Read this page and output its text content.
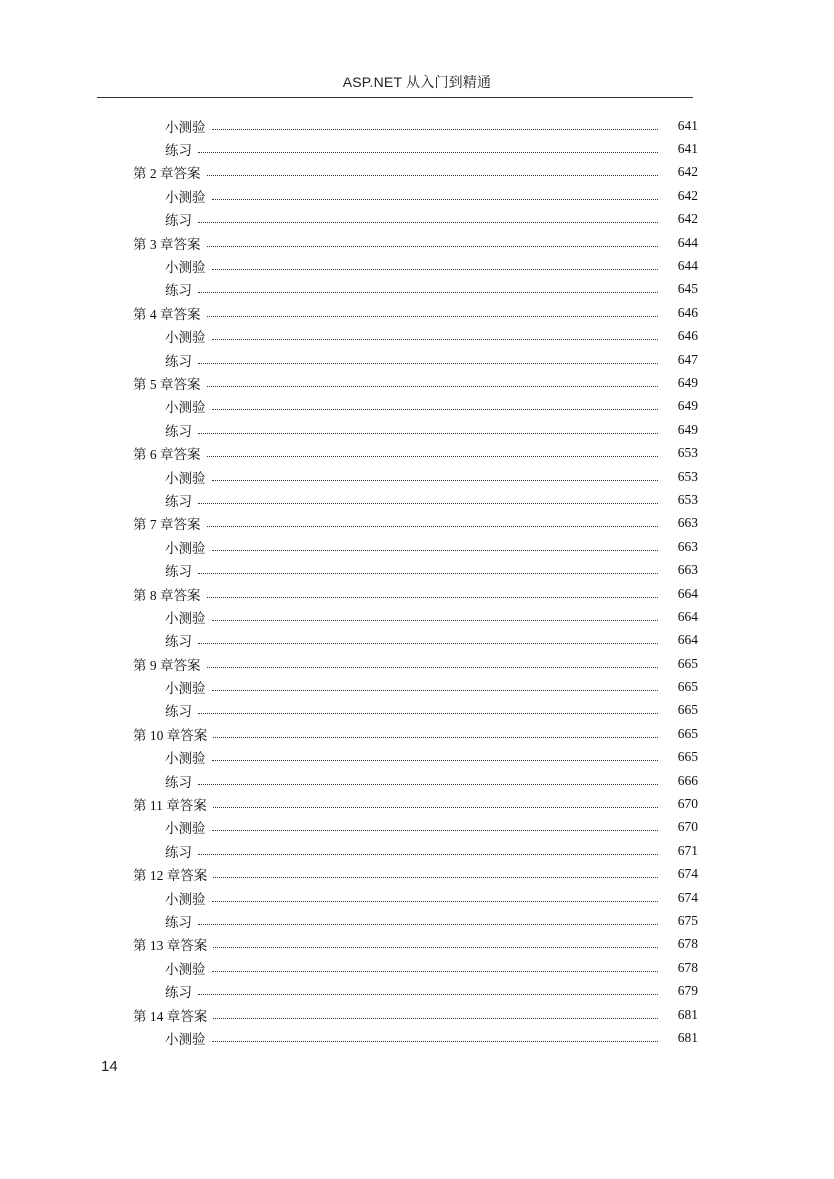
ASP.NET 从入门到精通
小测验	641
练习	641
第 2 章答案	642
小测验	642
练习	642
第 3 章答案	644
小测验	644
练习	645
第 4 章答案	646
小测验	646
练习	647
第 5 章答案	649
小测验	649
练习	649
第 6 章答案	653
小测验	653
练习	653
第 7 章答案	663
小测验	663
练习	663
第 8 章答案	664
小测验	664
练习	664
第 9 章答案	665
小测验	665
练习	665
第 10 章答案	665
小测验	665
练习	666
第 11 章答案	670
小测验	670
练习	671
第 12 章答案	674
小测验	674
练习	675
第 13 章答案	678
小测验	678
练习	679
第 14 章答案	681
小测验	681
14
